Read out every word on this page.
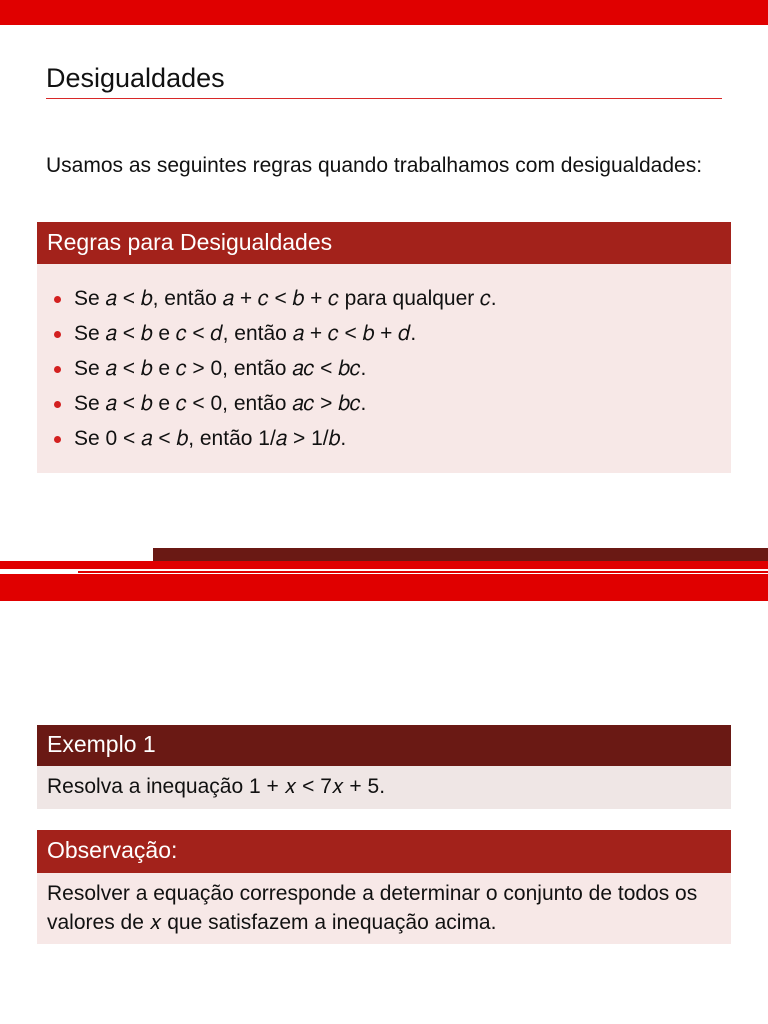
Desigualdades
Usamos as seguintes regras quando trabalhamos com desigualdades:
Regras para Desigualdades
Se 𝑎 < 𝑏, então 𝑎 + 𝑐 < 𝑏 + 𝑐 para qualquer 𝑐.
Se 𝑎 < 𝑏 e 𝑐 < 𝑑, então 𝑎 + 𝑐 < 𝑏 + 𝑑.
Se 𝑎 < 𝑏 e 𝑐 > 0, então 𝑎𝑐 < 𝑏𝑐.
Se 𝑎 < 𝑏 e 𝑐 < 0, então 𝑎𝑐 > 𝑏𝑐.
Se 0 < 𝑎 < 𝑏, então 1/𝑎 > 1/𝑏.
Exemplo 1
Resolva a inequação 1 + 𝑥 < 7𝑥 + 5.
Observação:
Resolver a equação corresponde a determinar o conjunto de todos os valores de 𝑥 que satisfazem a inequação acima.
